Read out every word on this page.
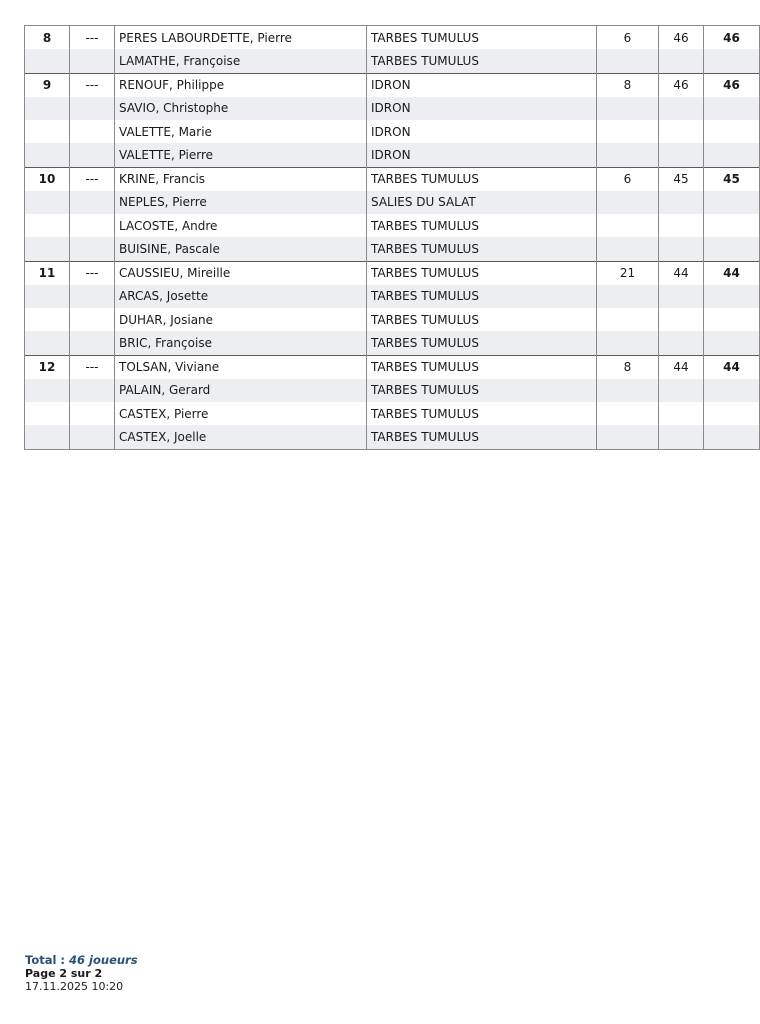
8	---	PERES LABOURDETTE, Pierre	TARBES TUMULUS	6	46	46
		LAMATHE, Françoise	TARBES TUMULUS			
9	---	RENOUF, Philippe	IDRON	8	46	46
		SAVIO, Christophe	IDRON			
		VALETTE, Marie	IDRON			
		VALETTE, Pierre	IDRON			
10	---	KRINE, Francis	TARBES TUMULUS	6	45	45
		NEPLES, Pierre	SALIES DU SALAT			
		LACOSTE, Andre	TARBES TUMULUS			
		BUISINE, Pascale	TARBES TUMULUS			
11	---	CAUSSIEU, Mireille	TARBES TUMULUS	21	44	44
		ARCAS, Josette	TARBES TUMULUS			
		DUHAR, Josiane	TARBES TUMULUS			
		BRIC, Françoise	TARBES TUMULUS			
12	---	TOLSAN, Viviane	TARBES TUMULUS	8	44	44
		PALAIN, Gerard	TARBES TUMULUS			
		CASTEX, Pierre	TARBES TUMULUS			
		CASTEX, Joelle	TARBES TUMULUS			
Total : 46 joueurs
Page 2 sur 2
17.11.2025 10:20
